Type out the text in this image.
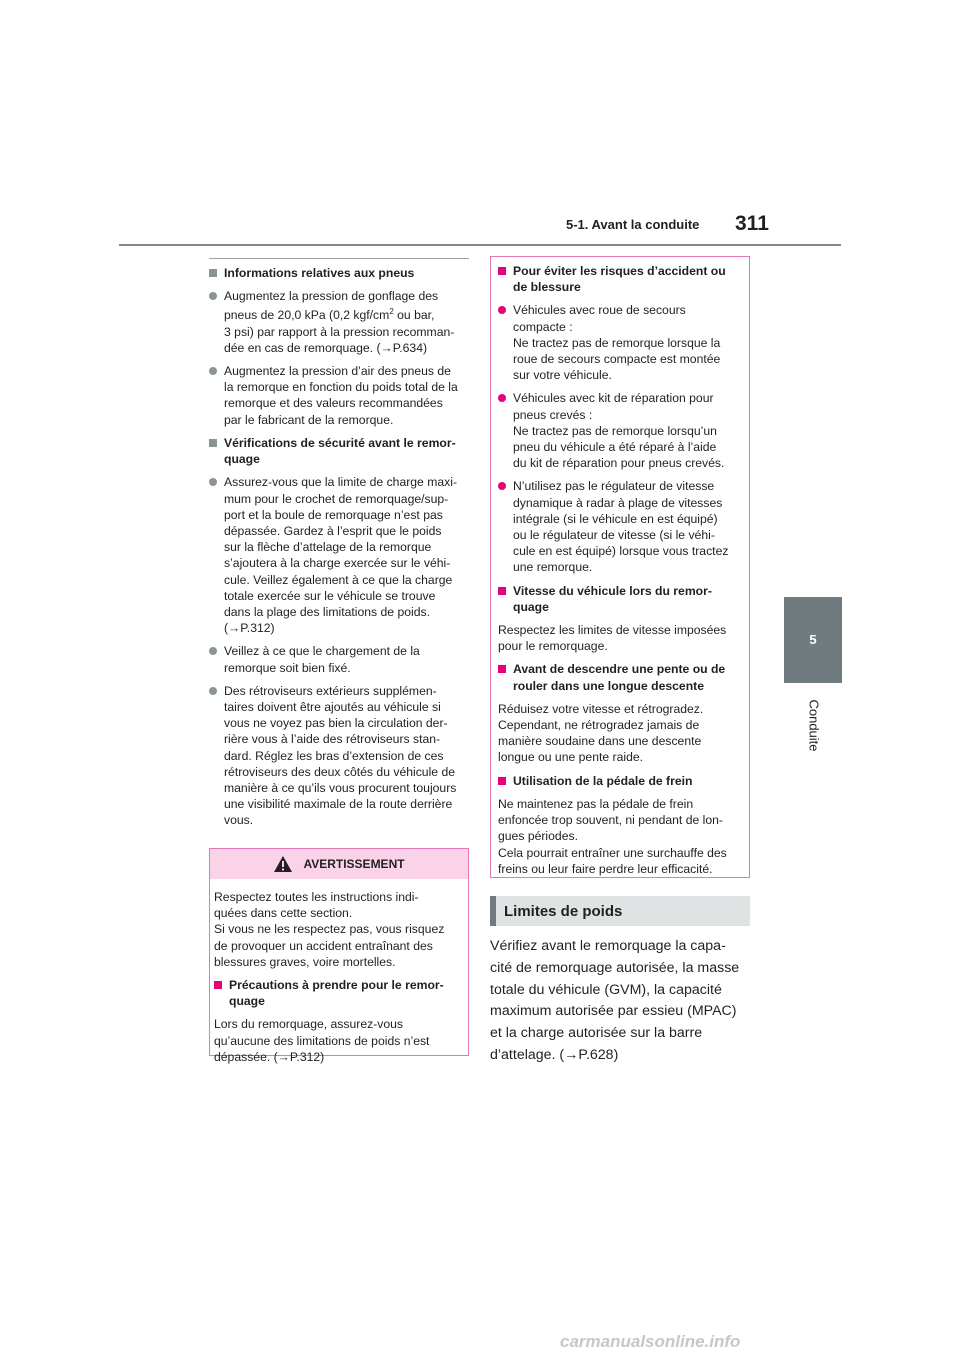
5-1. Avant la conduite 311
5
Conduite
Informations relatives aux pneus
Augmentez la pression de gonflage des
pneus de 20,0 kPa (0,2 kgf/$cm^2$ ou bar,
3 psi) par rapport à la pression recomman-
dée en cas de remorquage. (→P.634)
Augmentez la pression d’air des pneus de
la remorque en fonction du poids total de la
remorque et des valeurs recommandées
par le fabricant de la remorque.
Vérifications de sécurité avant le remor-
quage
Assurez-vous que la limite de charge maxi-
mum pour le crochet de remorquage/sup-
port et la boule de remorquage n’est pas
dépassée. Gardez à l’esprit que le poids
sur la flèche d’attelage de la remorque
s’ajoutera à la charge exercée sur le véhi-
cule. Veillez également à ce que la charge
totale exercée sur le véhicule se trouve
dans la plage des limitations de poids.
(→P.312)
Veillez à ce que le chargement de la
remorque soit bien fixé.
Des rétroviseurs extérieurs supplémen-
taires doivent être ajoutés au véhicule si
vous ne voyez pas bien la circulation der-
rière vous à l’aide des rétroviseurs stan-
dard. Réglez les bras d’extension de ces
rétroviseurs des deux côtés du véhicule de
manière à ce qu’ils vous procurent toujours
une visibilité maximale de la route derrière
vous.
AVERTISSEMENT
Respectez toutes les instructions indi-
quées dans cette section.
Si vous ne les respectez pas, vous risquez
de provoquer un accident entraînant des
blessures graves, voire mortelles.
Précautions à prendre pour le remor-
quage
Lors du remorquage, assurez-vous
qu’aucune des limitations de poids n’est
dépassée. (→P.312)
Pour éviter les risques d’accident ou
de blessure
Véhicules avec roue de secours
compacte :
Ne tractez pas de remorque lorsque la
roue de secours compacte est montée
sur votre véhicule.
Véhicules avec kit de réparation pour
pneus crevés :
Ne tractez pas de remorque lorsqu’un
pneu du véhicule a été réparé à l’aide
du kit de réparation pour pneus crevés.
N’utilisez pas le régulateur de vitesse
dynamique à radar à plage de vitesses
intégrale (si le véhicule en est équipé)
ou le régulateur de vitesse (si le véhi-
cule en est équipé) lorsque vous tractez
une remorque.
Vitesse du véhicule lors du remor-
quage
Respectez les limites de vitesse imposées
pour le remorquage.
Avant de descendre une pente ou de
rouler dans une longue descente
Réduisez votre vitesse et rétrogradez.
Cependant, ne rétrogradez jamais de
manière soudaine dans une descente
longue ou une pente raide.
Utilisation de la pédale de frein
Ne maintenez pas la pédale de frein
enfoncée trop souvent, ni pendant de lon-
gues périodes.
Cela pourrait entraîner une surchauffe des
freins ou leur faire perdre leur efficacité.
Limites de poids
Vérifiez avant le remorquage la capa-
cité de remorquage autorisée, la masse
totale du véhicule (GVM), la capacité
maximum autorisée par essieu (MPAC)
et la charge autorisée sur la barre
d’attelage. (→P.628)
carmanualsonline.info
